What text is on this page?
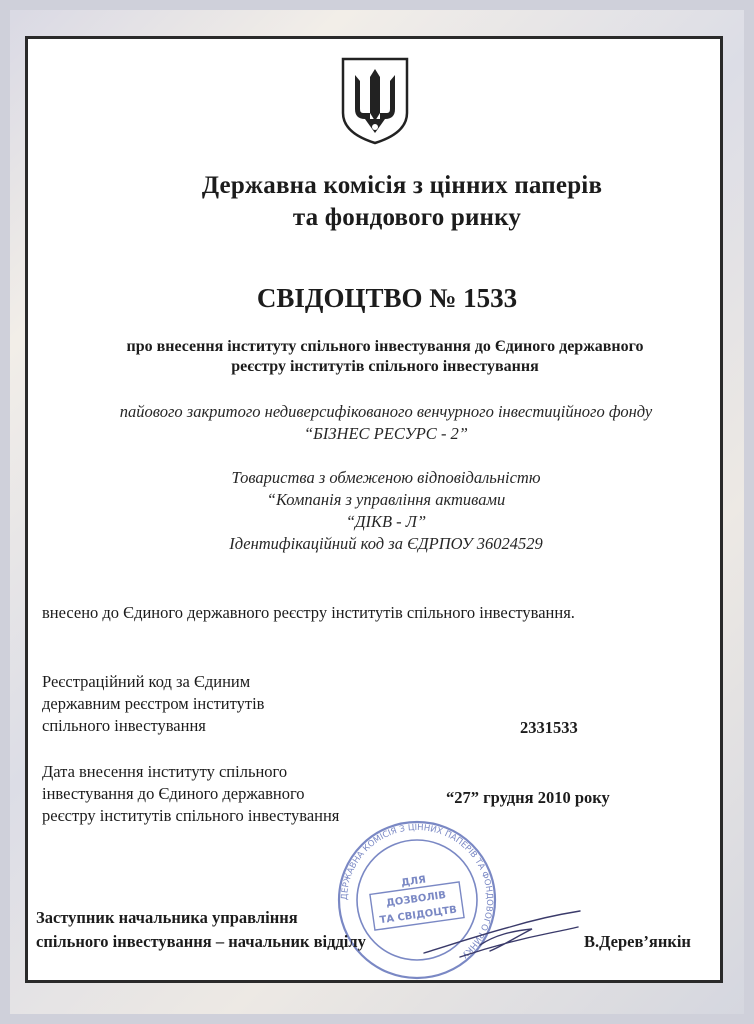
Державна комісія з цінних паперів
та фондового ринку
СВІДОЦТВО № 1533
про внесення інституту спільного інвестування до Єдиного державного
реєстру інститутів спільного інвестування
пайового закритого недиверсифікованого венчурного інвестиційного фонду
“БІЗНЕС РЕСУРС - 2”
Товариства з обмеженою відповідальністю
“Компанія з управління активами
“ДІКВ - Л”
Ідентифікаційний код за ЄДРПОУ 36024529
внесено до Єдиного державного реєстру інститутів спільного інвестування.
Реєстраційний код за Єдиним
державним реєстром інститутів
спільного інвестування	2331533
Дата внесення інституту спільного
інвестування до Єдиного державного
реєстру інститутів спільного інвестування
“27” грудня 2010 року
ДЕРЖАВНА КОМІСІЯ З ЦІННИХ ПАПЕРІВ ТА ФОНДОВОГО РИНКУ
ДЛЯ
ДОЗВОЛІВ
ТА СВІДОЦТВ
Заступник начальника управління
спільного інвестування – начальник відділу	В.Дерев’янкін
